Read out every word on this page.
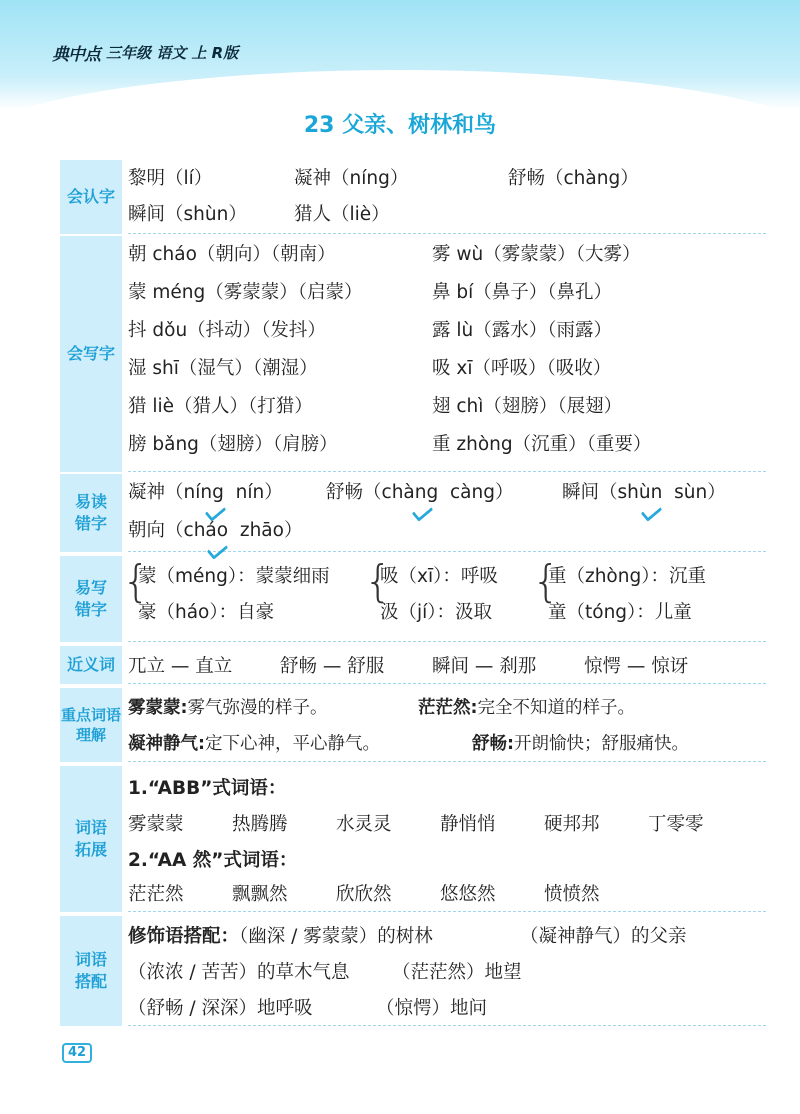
典中点 三年级 语文 上 R版
23 父亲、树林和鸟
会认字
黎明（lí）	凝神（níng）	舒畅（chàng）
瞬间（shùn）	猎人（liè）
会写字
朝 cháo（朝向）（朝南）	雾 wù（雾蒙蒙）（大雾）
蒙 méng（雾蒙蒙）（启蒙）	鼻 bí（鼻子）（鼻孔）
抖 dǒu（抖动）（发抖）	露 lù（露水）（雨露）
湿 shī（湿气）（潮湿）	吸 xī（呼吸）（吸收）
猎 liè（猎人）（打猎）	翅 chì（翅膀）（展翅）
膀 bǎng（翅膀）（肩膀）	重 zhòng（沉重）（重要）
易读错字
凝神（níng nín） 舒畅（chàng càng）	瞬间（shùn sùn）
朝向（cháo zhāo）
易写错字
{
蒙（méng）：蒙蒙细雨
豪（háo）：自豪
{
吸（xī）：呼吸
汲（jí）：汲取
{
重（zhòng）：沉重
童（tóng）：儿童
近义词 兀立 — 直立	舒畅 — 舒服	瞬间 — 刹那	惊愕 — 惊讶
重点词语理解
雾蒙蒙:雾气弥漫的样子。	茫茫然:完全不知道的样子。
凝神静气:定下心神，平心静气。	舒畅:开朗愉快；舒服痛快。
词语拓展
1.“ABB”式词语：
雾蒙蒙	热腾腾	水灵灵	静悄悄	硬邦邦	丁零零
2.“AA 然”式词语：
茫茫然	飘飘然	欣欣然	悠悠然	愤愤然
词语搭配
修饰语搭配：（幽深 / 雾蒙蒙）的树林	（凝神静气）的父亲
（浓浓 / 苦苦）的草木气息 （茫茫然）地望
（舒畅 / 深深）地呼吸	（惊愕）地问
42
